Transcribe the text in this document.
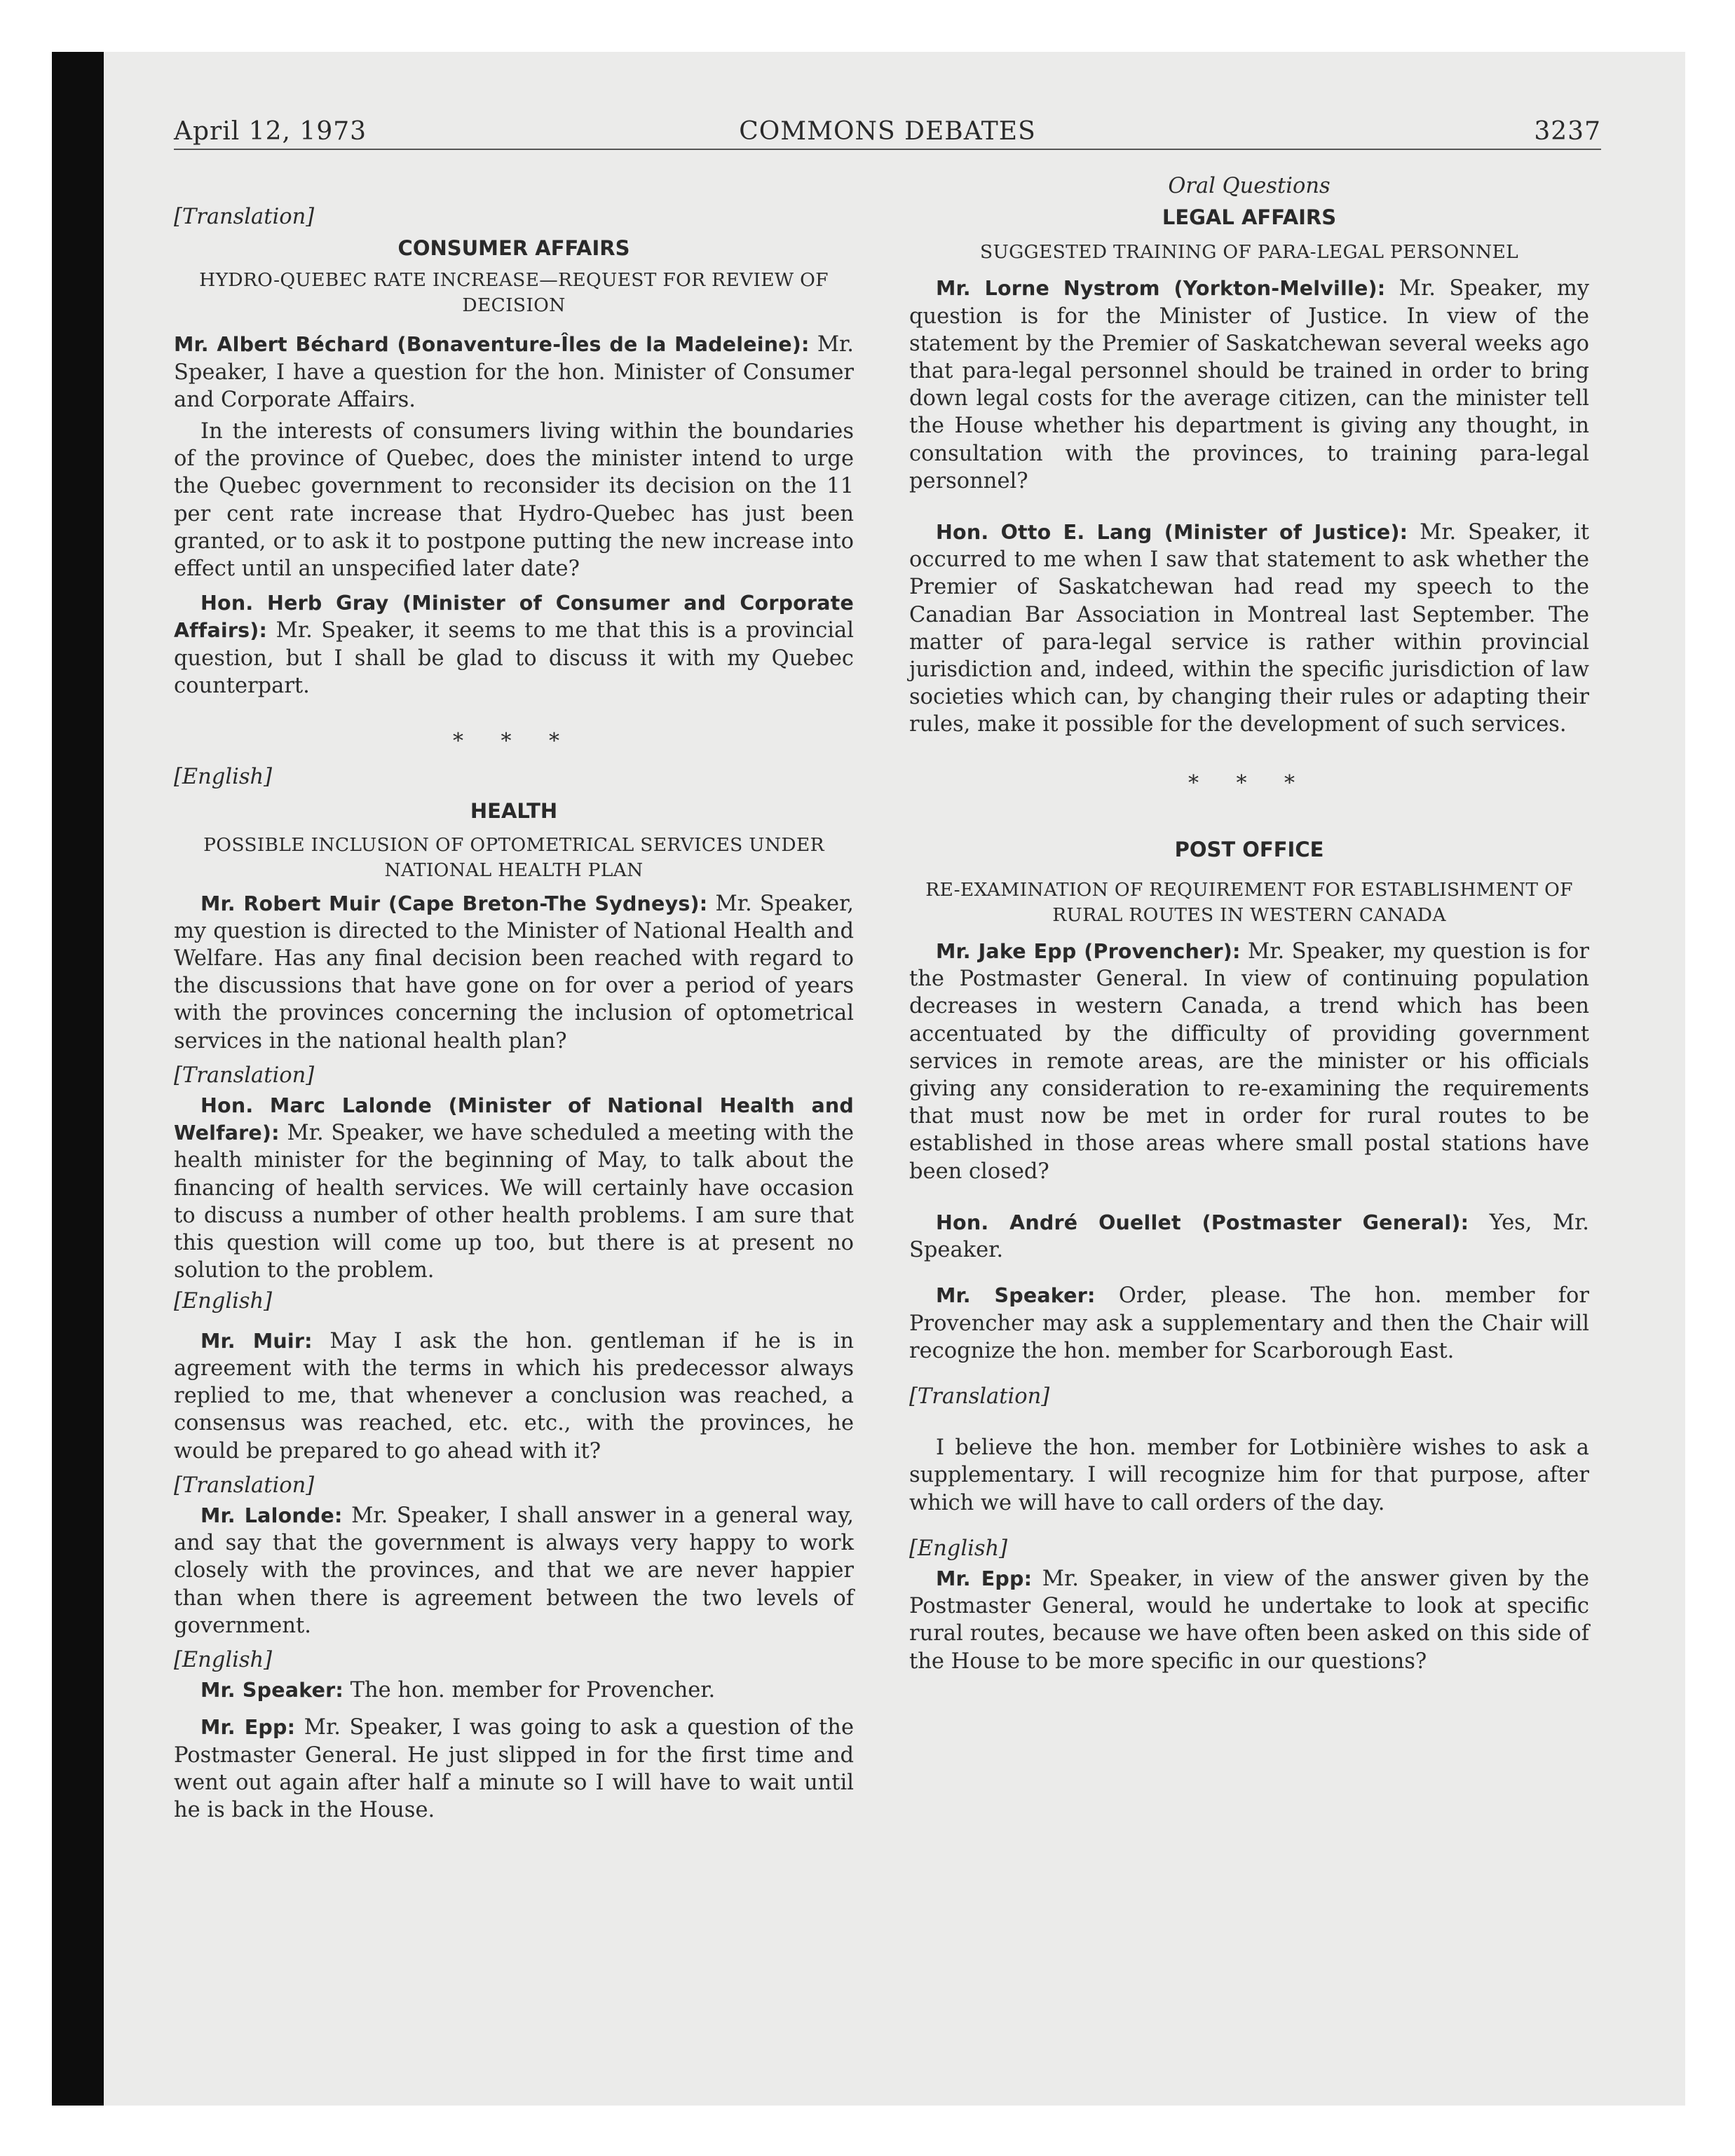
April 12, 1973	COMMONS DEBATES	3237

[Translation]

CONSUMER AFFAIRS

HYDRO-QUEBEC RATE INCREASE—REQUEST FOR REVIEW OF DECISION

Mr. Albert Béchard (Bonaventure-Îles de la Madeleine): Mr. Speaker, I have a question for the hon. Minister of Consumer and Corporate Affairs.

In the interests of consumers living within the boundaries of the province of Quebec, does the minister intend to urge the Quebec government to reconsider its decision on the 11 per cent rate increase that Hydro-Quebec has just been granted, or to ask it to postpone putting the new increase into effect until an unspecified later date?

Hon. Herb Gray (Minister of Consumer and Corporate Affairs): Mr. Speaker, it seems to me that this is a provincial question, but I shall be glad to discuss it with my Quebec counterpart.

* * *

[English]

HEALTH

POSSIBLE INCLUSION OF OPTOMETRICAL SERVICES UNDER NATIONAL HEALTH PLAN

Mr. Robert Muir (Cape Breton-The Sydneys): Mr. Speaker, my question is directed to the Minister of National Health and Welfare. Has any final decision been reached with regard to the discussions that have gone on for over a period of years with the provinces concerning the inclusion of optometrical services in the national health plan?

[Translation]

Hon. Marc Lalonde (Minister of National Health and Welfare): Mr. Speaker, we have scheduled a meeting with the health minister for the beginning of May, to talk about the financing of health services. We will certainly have occasion to discuss a number of other health problems. I am sure that this question will come up too, but there is at present no solution to the problem.

[English]

Mr. Muir: May I ask the hon. gentleman if he is in agreement with the terms in which his predecessor always replied to me, that whenever a conclusion was reached, a consensus was reached, etc. etc., with the provinces, he would be prepared to go ahead with it?

[Translation]

Mr. Lalonde: Mr. Speaker, I shall answer in a general way, and say that the government is always very happy to work closely with the provinces, and that we are never happier than when there is agreement between the two levels of government.

[English]

Mr. Speaker: The hon. member for Provencher.

Mr. Epp: Mr. Speaker, I was going to ask a question of the Postmaster General. He just slipped in for the first time and went out again after half a minute so I will have to wait until he is back in the House.

Oral Questions

LEGAL AFFAIRS

SUGGESTED TRAINING OF PARA-LEGAL PERSONNEL

Mr. Lorne Nystrom (Yorkton-Melville): Mr. Speaker, my question is for the Minister of Justice. In view of the statement by the Premier of Saskatchewan several weeks ago that para-legal personnel should be trained in order to bring down legal costs for the average citizen, can the minister tell the House whether his department is giving any thought, in consultation with the provinces, to training para-legal personnel?

Hon. Otto E. Lang (Minister of Justice): Mr. Speaker, it occurred to me when I saw that statement to ask whether the Premier of Saskatchewan had read my speech to the Canadian Bar Association in Montreal last September. The matter of para-legal service is rather within provincial jurisdiction and, indeed, within the specific jurisdiction of law societies which can, by changing their rules or adapting their rules, make it possible for the development of such services.

* * *

POST OFFICE

RE-EXAMINATION OF REQUIREMENT FOR ESTABLISHMENT OF RURAL ROUTES IN WESTERN CANADA

Mr. Jake Epp (Provencher): Mr. Speaker, my question is for the Postmaster General. In view of continuing population decreases in western Canada, a trend which has been accentuated by the difficulty of providing government services in remote areas, are the minister or his officials giving any consideration to re-examining the requirements that must now be met in order for rural routes to be established in those areas where small postal stations have been closed?

Hon. André Ouellet (Postmaster General): Yes, Mr. Speaker.

Mr. Speaker: Order, please. The hon. member for Provencher may ask a supplementary and then the Chair will recognize the hon. member for Scarborough East.

[Translation]

I believe the hon. member for Lotbinière wishes to ask a supplementary. I will recognize him for that purpose, after which we will have to call orders of the day.

[English]

Mr. Epp: Mr. Speaker, in view of the answer given by the Postmaster General, would he undertake to look at specific rural routes, because we have often been asked on this side of the House to be more specific in our questions?
